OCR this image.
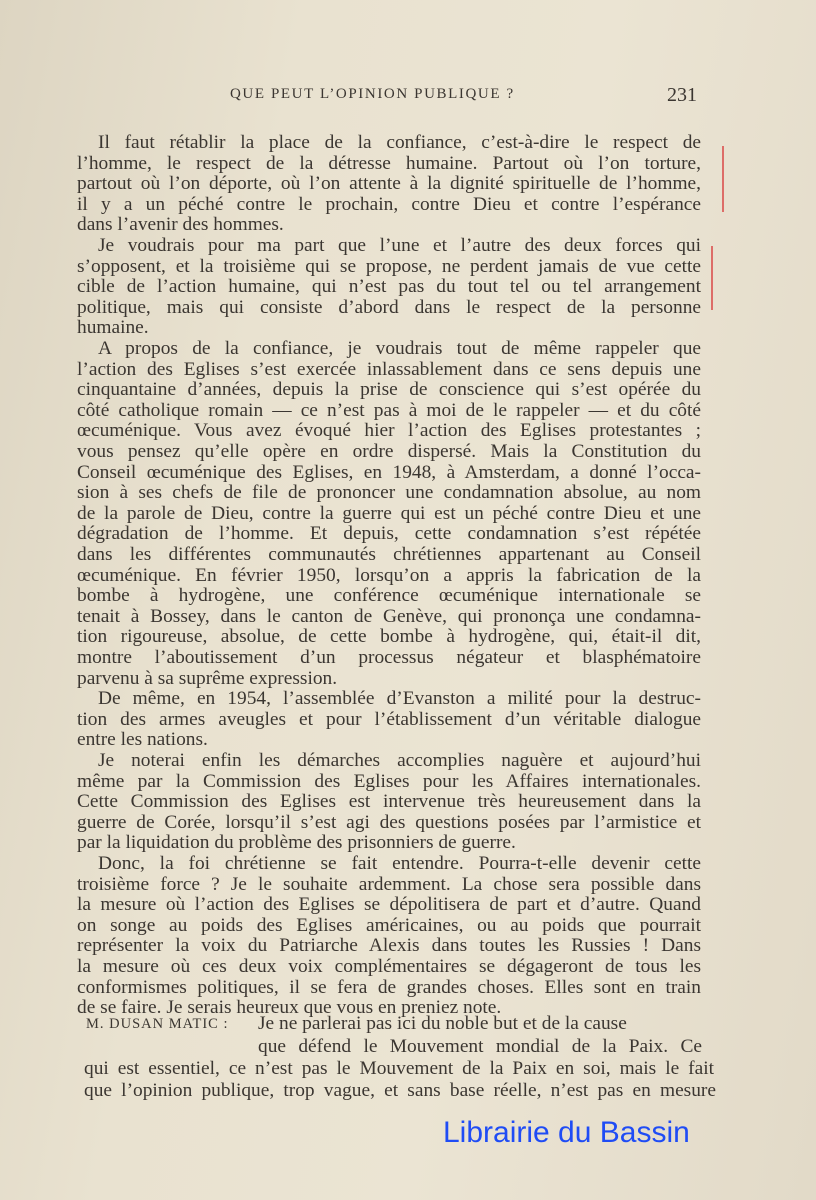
QUE PEUT L’OPINION PUBLIQUE ?	231
Il faut rétablir la place de la confiance, c’est-à-dire le respect de
l’homme, le respect de la détresse humaine. Partout où l’on torture,
partout où l’on déporte, où l’on attente à la dignité spirituelle de l’homme,
il y a un péché contre le prochain, contre Dieu et contre l’espérance
dans l’avenir des hommes.
Je voudrais pour ma part que l’une et l’autre des deux forces qui
s’opposent, et la troisième qui se propose, ne perdent jamais de vue cette
cible de l’action humaine, qui n’est pas du tout tel ou tel arrangement
politique, mais qui consiste d’abord dans le respect de la personne
humaine.
A propos de la confiance, je voudrais tout de même rappeler que
l’action des Eglises s’est exercée inlassablement dans ce sens depuis une
cinquantaine d’années, depuis la prise de conscience qui s’est opérée du
côté catholique romain — ce n’est pas à moi de le rappeler — et du côté
œcuménique. Vous avez évoqué hier l’action des Eglises protestantes ;
vous pensez qu’elle opère en ordre dispersé. Mais la Constitution du
Conseil œcuménique des Eglises, en 1948, à Amsterdam, a donné l’occa-
sion à ses chefs de file de prononcer une condamnation absolue, au nom
de la parole de Dieu, contre la guerre qui est un péché contre Dieu et une
dégradation de l’homme. Et depuis, cette condamnation s’est répétée
dans les différentes communautés chrétiennes appartenant au Conseil
œcuménique. En février 1950, lorsqu’on a appris la fabrication de la
bombe à hydrogène, une conférence œcuménique internationale se
tenait à Bossey, dans le canton de Genève, qui prononça une condamna-
tion rigoureuse, absolue, de cette bombe à hydrogène, qui, était-il dit,
montre l’aboutissement d’un processus négateur et blasphématoire
parvenu à sa suprême expression.
De même, en 1954, l’assemblée d’Evanston a milité pour la destruc-
tion des armes aveugles et pour l’établissement d’un véritable dialogue
entre les nations.
Je noterai enfin les démarches accomplies naguère et aujourd’hui
même par la Commission des Eglises pour les Affaires internationales.
Cette Commission des Eglises est intervenue très heureusement dans la
guerre de Corée, lorsqu’il s’est agi des questions posées par l’armistice et
par la liquidation du problème des prisonniers de guerre.
Donc, la foi chrétienne se fait entendre. Pourra-t-elle devenir cette
troisième force ? Je le souhaite ardemment. La chose sera possible dans
la mesure où l’action des Eglises se dépolitisera de part et d’autre. Quand
on songe au poids des Eglises américaines, ou au poids que pourrait
représenter la voix du Patriarche Alexis dans toutes les Russies ! Dans
la mesure où ces deux voix complémentaires se dégageront de tous les
conformismes politiques, il se fera de grandes choses. Elles sont en train
de se faire. Je serais heureux que vous en preniez note.
M. DUSAN MATIC : Je ne parlerai pas ici du noble but et de la cause
que défend le Mouvement mondial de la Paix. Ce
qui est essentiel, ce n’est pas le Mouvement de la Paix en soi, mais le fait
que l’opinion publique, trop vague, et sans base réelle, n’est pas en mesure
Librairie du Bassin
